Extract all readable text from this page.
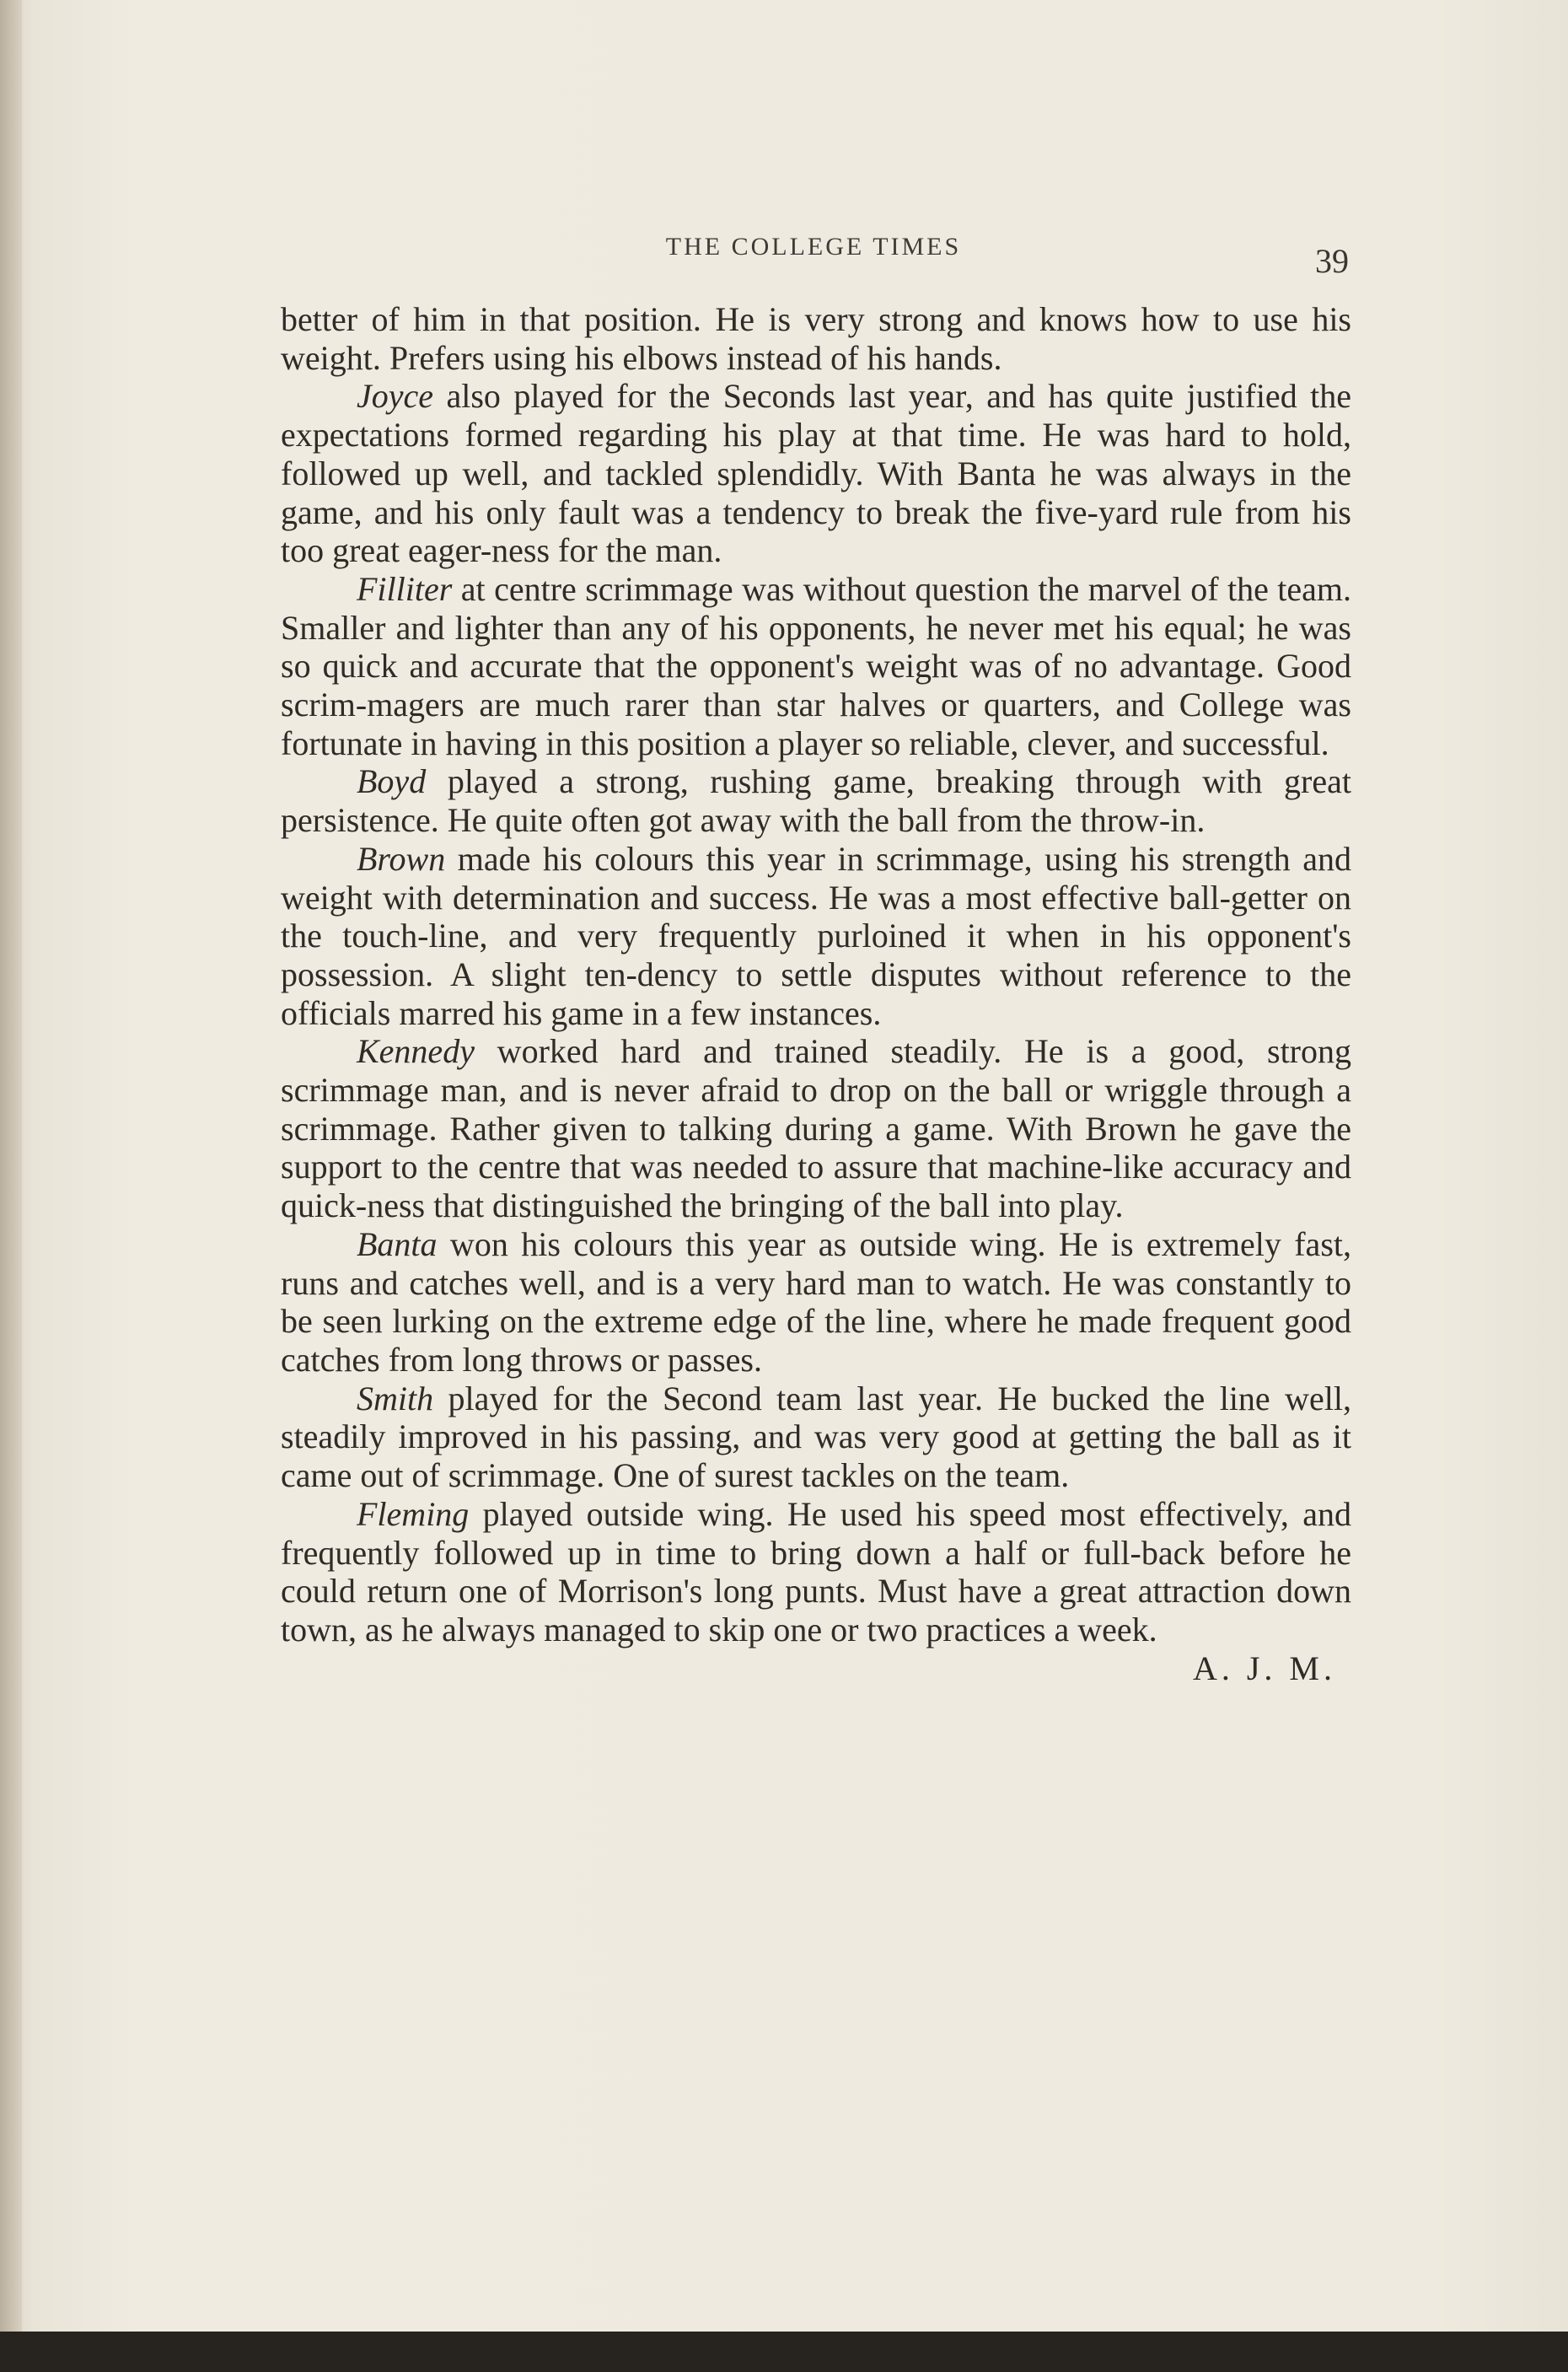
THE COLLEGE TIMES	39

better of him in that position. He is very strong and knows how to use his weight. Prefers using his elbows instead of his hands.

Joyce also played for the Seconds last year, and has quite justified the expectations formed regarding his play at that time. He was hard to hold, followed up well, and tackled splendidly. With Banta he was always in the game, and his only fault was a tendency to break the five-yard rule from his too great eager-ness for the man.

Filliter at centre scrimmage was without question the marvel of the team. Smaller and lighter than any of his opponents, he never met his equal; he was so quick and accurate that the opponent's weight was of no advantage. Good scrim-magers are much rarer than star halves or quarters, and College was fortunate in having in this position a player so reliable, clever, and successful.

Boyd played a strong, rushing game, breaking through with great persistence. He quite often got away with the ball from the throw-in.

Brown made his colours this year in scrimmage, using his strength and weight with determination and success. He was a most effective ball-getter on the touch-line, and very frequently purloined it when in his opponent's possession. A slight ten-dency to settle disputes without reference to the officials marred his game in a few instances.

Kennedy worked hard and trained steadily. He is a good, strong scrimmage man, and is never afraid to drop on the ball or wriggle through a scrimmage. Rather given to talking during a game. With Brown he gave the support to the centre that was needed to assure that machine-like accuracy and quick-ness that distinguished the bringing of the ball into play.

Banta won his colours this year as outside wing. He is extremely fast, runs and catches well, and is a very hard man to watch. He was constantly to be seen lurking on the extreme edge of the line, where he made frequent good catches from long throws or passes.

Smith played for the Second team last year. He bucked the line well, steadily improved in his passing, and was very good at getting the ball as it came out of scrimmage. One of surest tackles on the team.

Fleming played outside wing. He used his speed most effectively, and frequently followed up in time to bring down a half or full-back before he could return one of Morrison's long punts. Must have a great attraction down town, as he always managed to skip one or two practices a week.
A. J. M.
